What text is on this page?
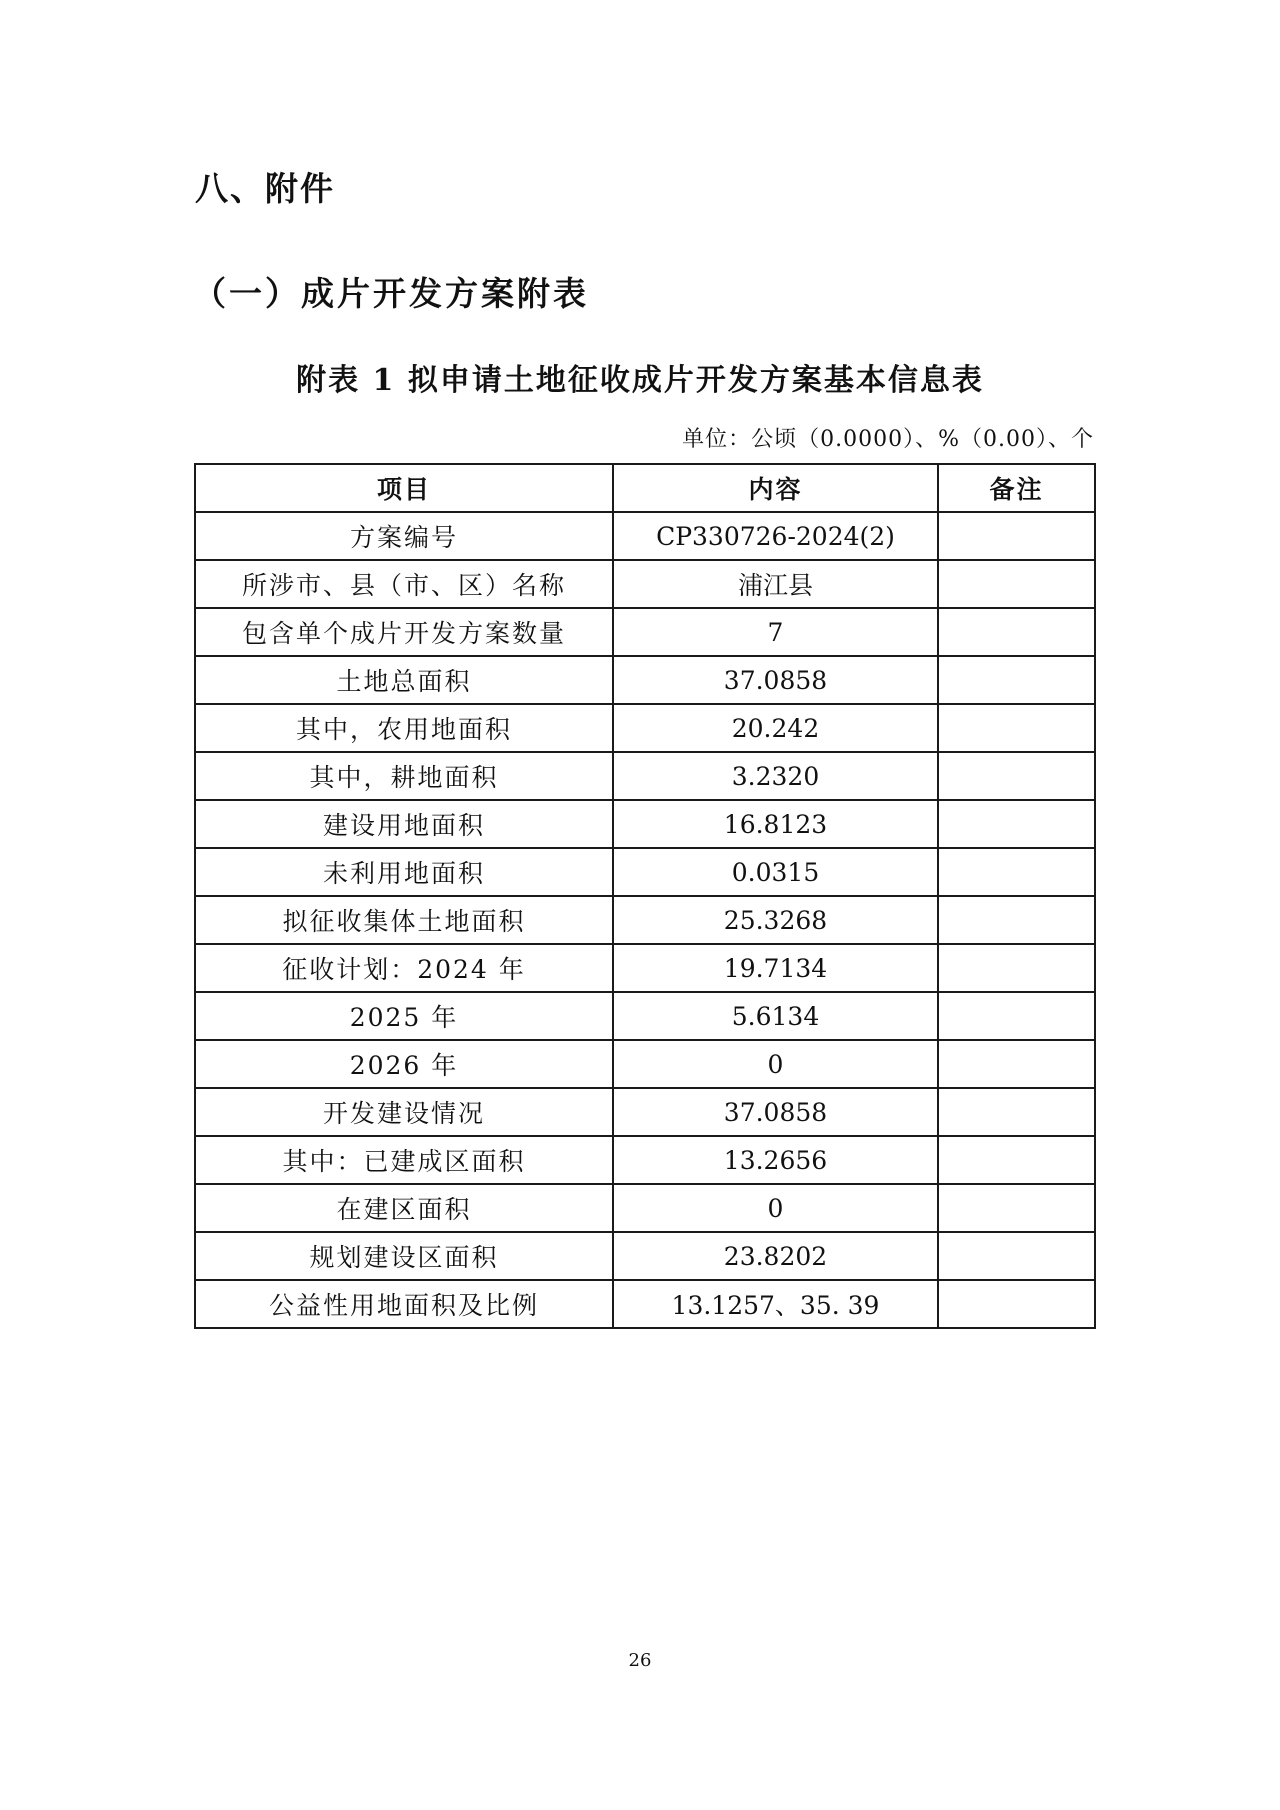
八、附件
（一）成片开发方案附表
附表 1 拟申请土地征收成片开发方案基本信息表

单位：公顷（0.0000）、%（0.00）、个

项目	内容	备注
方案编号	CP330726-2024(2)	
所涉市、县（市、区）名称	浦江县	
包含单个成片开发方案数量	7	
土地总面积	37.0858	
其中，农用地面积	20.242	
其中，耕地面积	3.2320	
建设用地面积	16.8123	
未利用地面积	0.0315	
拟征收集体土地面积	25.3268	
征收计划：2024 年	19.7134	
2025 年	5.6134	
2026 年	0	
开发建设情况	37.0858	
其中：已建成区面积	13.2656	
在建区面积	0	
规划建设区面积	23.8202	
公益性用地面积及比例	13.1257、35. 39	

26
